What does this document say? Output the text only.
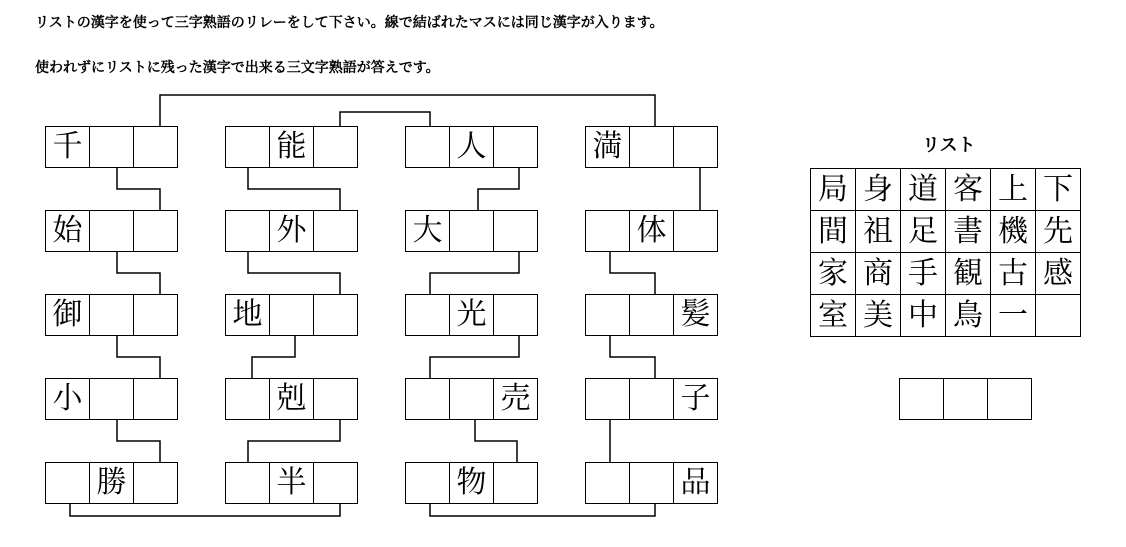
リストの漢字を使って三字熟語のリレーをして下さい。線で結ばれたマスには同じ漢字が入ります。
使われずにリストに残った漢字で出来る三文字熟語が答えです。
千
始
御
小
勝
能
外
地
剋
半
人
大
光
売
物
満
体
髪
子
品
リスト
局 身 道 客 上 下
間 祖 足 書 機 先
家 商 手 観 古 感
室 美 中 鳥 一
